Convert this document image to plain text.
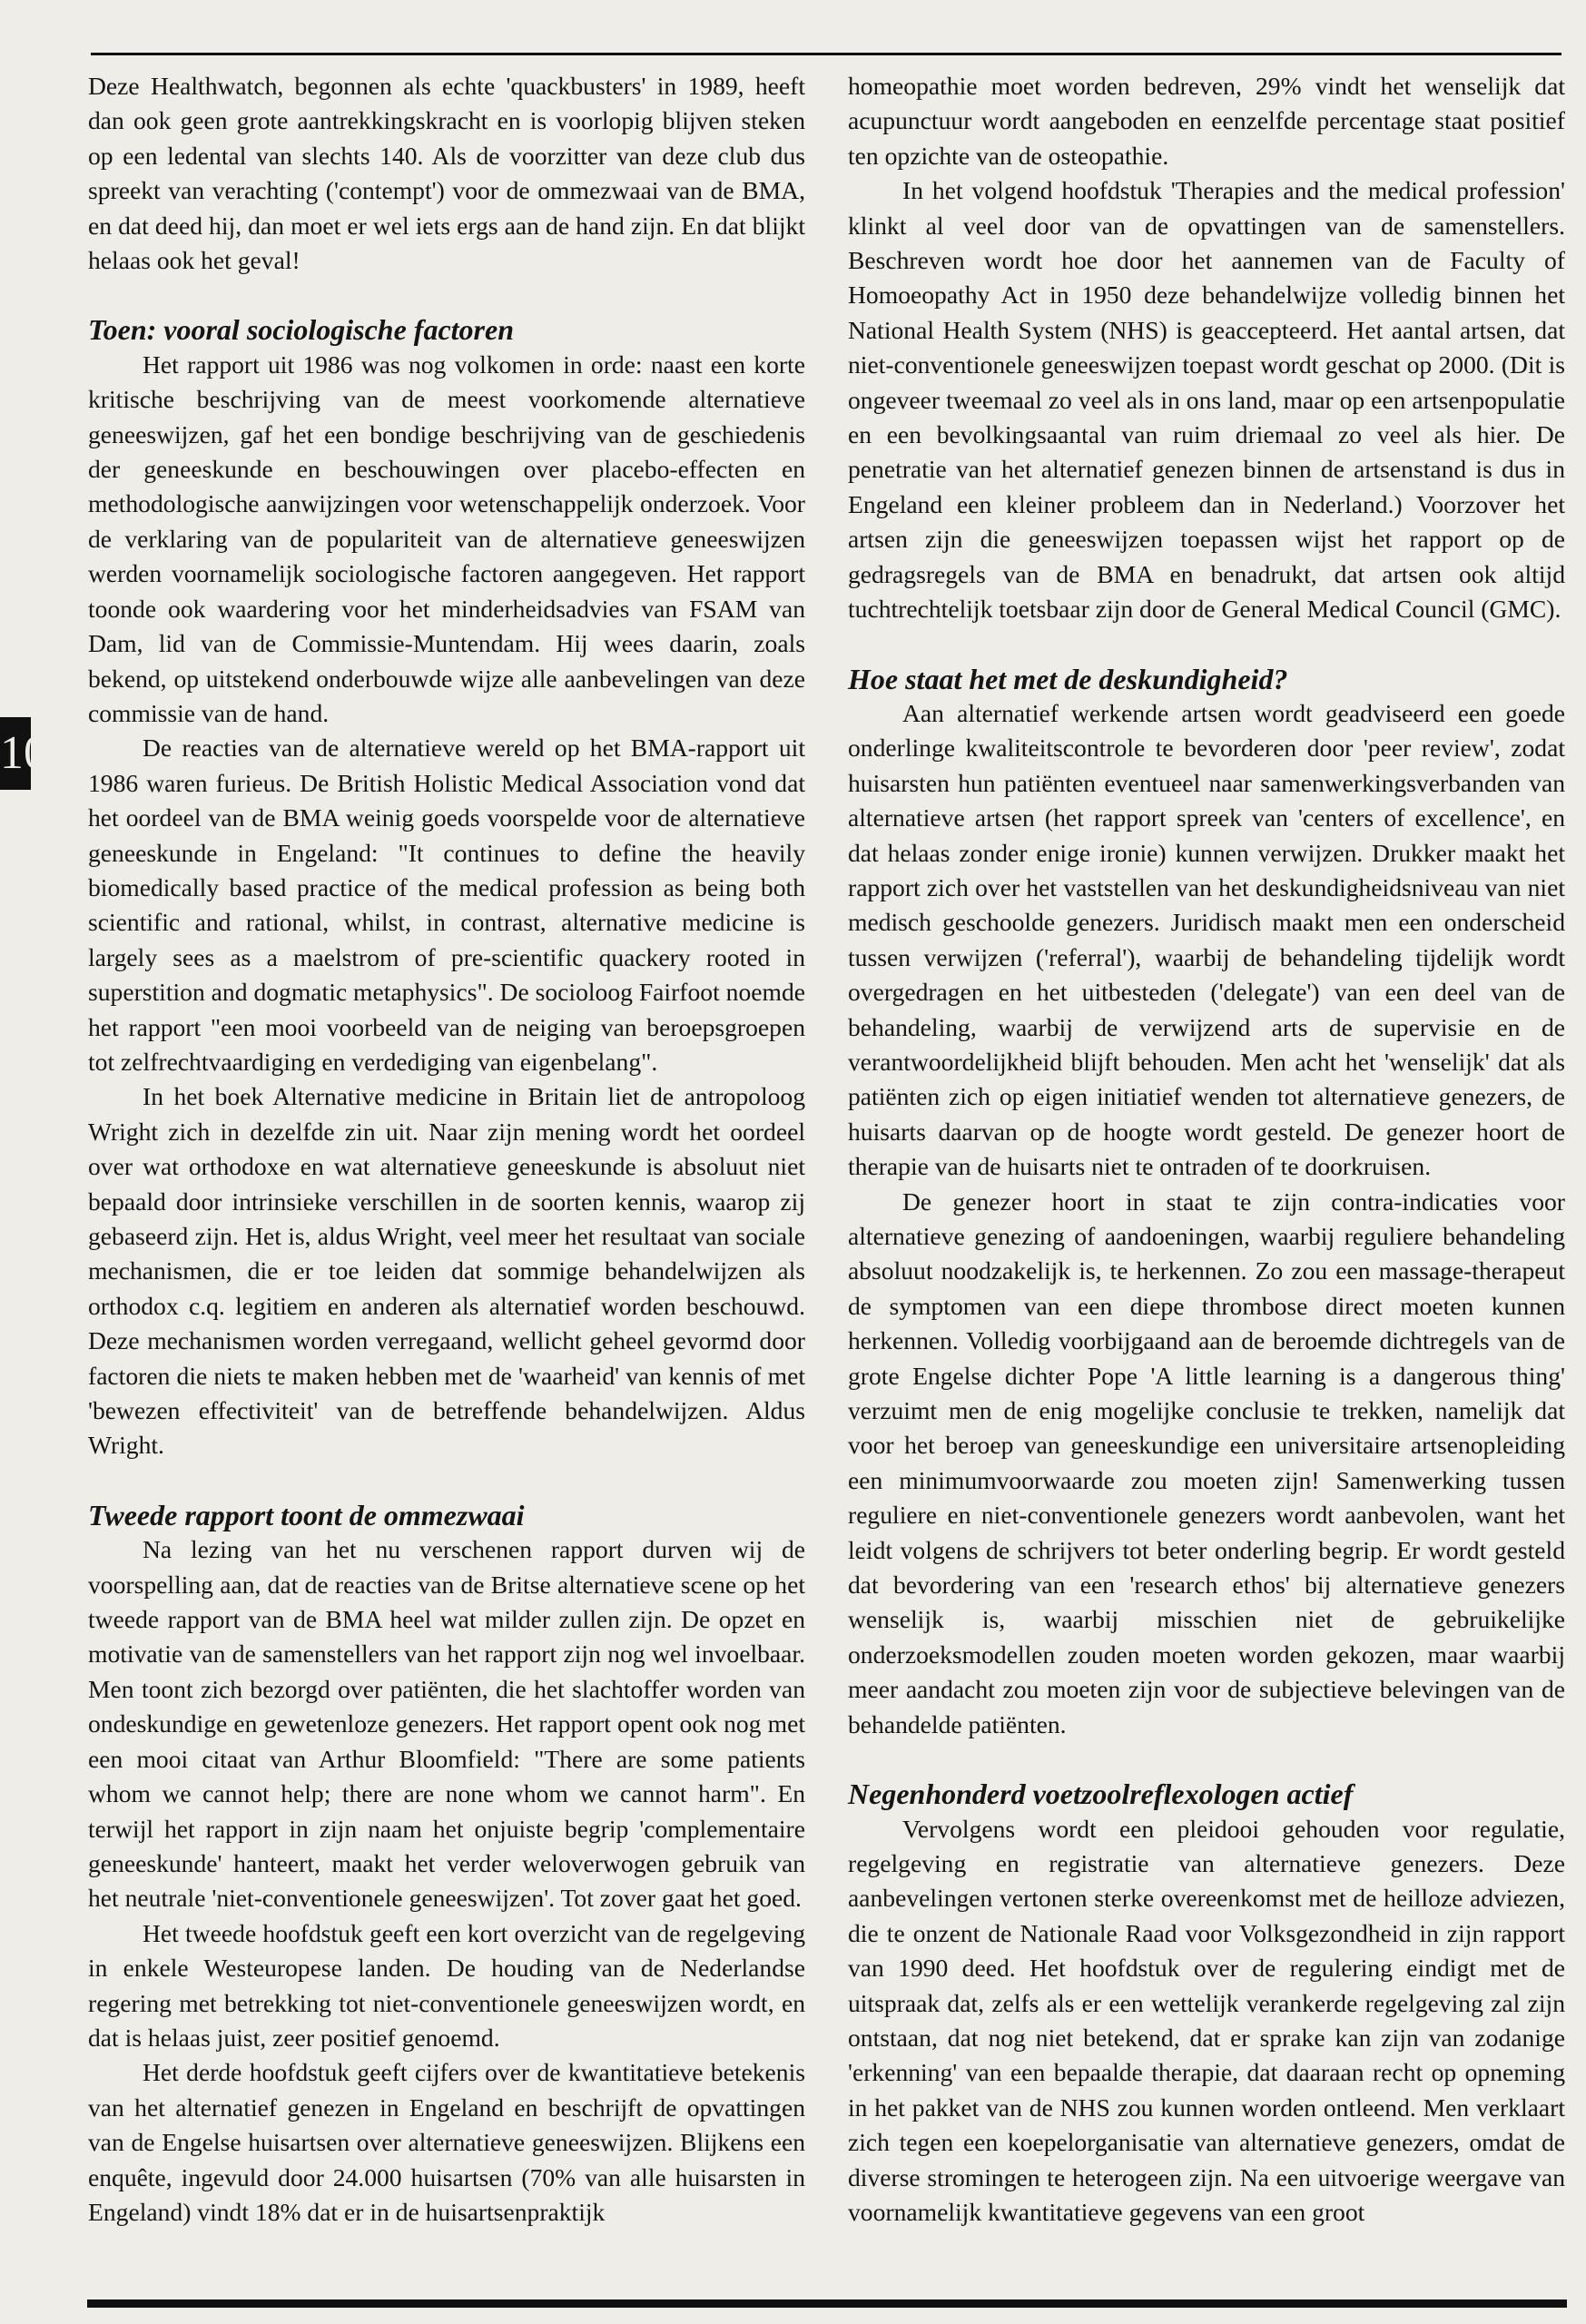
10

Deze Healthwatch, begonnen als echte 'quackbusters' in 1989, heeft dan ook geen grote aantrekkingskracht en is voorlopig blijven steken op een ledental van slechts 140. Als de voorzitter van deze club dus spreekt van verachting ('contempt') voor de ommezwaai van de BMA, en dat deed hij, dan moet er wel iets ergs aan de hand zijn. En dat blijkt helaas ook het geval!

Toen: vooral sociologische factoren

Het rapport uit 1986 was nog volkomen in orde: naast een korte kritische beschrijving van de meest voorkomende alternatieve geneeswijzen, gaf het een bondige beschrijving van de geschiedenis der geneeskunde en beschouwingen over placebo-effecten en methodologische aanwijzingen voor wetenschappelijk onderzoek. Voor de verklaring van de populariteit van de alternatieve geneeswijzen werden voornamelijk sociologische factoren aangegeven. Het rapport toonde ook waardering voor het minderheidsadvies van FSAM van Dam, lid van de Commissie-Muntendam. Hij wees daarin, zoals bekend, op uitstekend onderbouwde wijze alle aanbevelingen van deze commissie van de hand.

De reacties van de alternatieve wereld op het BMA-rapport uit 1986 waren furieus. De British Holistic Medical Association vond dat het oordeel van de BMA weinig goeds voorspelde voor de alternatieve geneeskunde in Engeland: "It continues to define the heavily biomedically based practice of the medical profession as being both scientific and rational, whilst, in contrast, alternative medicine is largely sees as a maelstrom of pre-scientific quackery rooted in superstition and dogmatic metaphysics". De socioloog Fairfoot noemde het rapport "een mooi voorbeeld van de neiging van beroepsgroepen tot zelfrechtvaardiging en verdediging van eigenbelang".

In het boek Alternative medicine in Britain liet de antropoloog Wright zich in dezelfde zin uit. Naar zijn mening wordt het oordeel over wat orthodoxe en wat alternatieve geneeskunde is absoluut niet bepaald door intrinsieke verschillen in de soorten kennis, waarop zij gebaseerd zijn. Het is, aldus Wright, veel meer het resultaat van sociale mechanismen, die er toe leiden dat sommige behandelwijzen als orthodox c.q. legitiem en anderen als alternatief worden beschouwd. Deze mechanismen worden verregaand, wellicht geheel gevormd door factoren die niets te maken hebben met de 'waarheid' van kennis of met 'bewezen effectiviteit' van de betreffende behandelwijzen. Aldus Wright.

Tweede rapport toont de ommezwaai

Na lezing van het nu verschenen rapport durven wij de voorspelling aan, dat de reacties van de Britse alternatieve scene op het tweede rapport van de BMA heel wat milder zullen zijn. De opzet en motivatie van de samenstellers van het rapport zijn nog wel invoelbaar. Men toont zich bezorgd over patiënten, die het slachtoffer worden van ondeskundige en gewetenloze genezers. Het rapport opent ook nog met een mooi citaat van Arthur Bloomfield: "There are some patients whom we cannot help; there are none whom we cannot harm". En terwijl het rapport in zijn naam het onjuiste begrip 'complementaire geneeskunde' hanteert, maakt het verder weloverwogen gebruik van het neutrale 'niet-conventionele geneeswijzen'. Tot zover gaat het goed.

Het tweede hoofdstuk geeft een kort overzicht van de regelgeving in enkele Westeuropese landen. De houding van de Nederlandse regering met betrekking tot niet-conventionele geneeswijzen wordt, en dat is helaas juist, zeer positief genoemd.

Het derde hoofdstuk geeft cijfers over de kwantitatieve betekenis van het alternatief genezen in Engeland en beschrijft de opvattingen van de Engelse huisartsen over alternatieve geneeswijzen. Blijkens een enquête, ingevuld door 24.000 huisartsen (70% van alle huisarsten in Engeland) vindt 18% dat er in de huisartsenpraktijk

homeopathie moet worden bedreven, 29% vindt het wenselijk dat acupunctuur wordt aangeboden en eenzelfde percentage staat positief ten opzichte van de osteopathie.

In het volgend hoofdstuk 'Therapies and the medical profession' klinkt al veel door van de opvattingen van de samenstellers. Beschreven wordt hoe door het aannemen van de Faculty of Homoeopathy Act in 1950 deze behandelwijze volledig binnen het National Health System (NHS) is geaccepteerd. Het aantal artsen, dat niet-conventionele geneeswijzen toepast wordt geschat op 2000. (Dit is ongeveer tweemaal zo veel als in ons land, maar op een artsenpopulatie en een bevolkingsaantal van ruim driemaal zo veel als hier. De penetratie van het alternatief genezen binnen de artsenstand is dus in Engeland een kleiner probleem dan in Nederland.) Voorzover het artsen zijn die geneeswijzen toepassen wijst het rapport op de gedragsregels van de BMA en benadrukt, dat artsen ook altijd tuchtrechtelijk toetsbaar zijn door de General Medical Council (GMC).

Hoe staat het met de deskundigheid?

Aan alternatief werkende artsen wordt geadviseerd een goede onderlinge kwaliteitscontrole te bevorderen door 'peer review', zodat huisarsten hun patiënten eventueel naar samenwerkingsverbanden van alternatieve artsen (het rapport spreek van 'centers of excellence', en dat helaas zonder enige ironie) kunnen verwijzen. Drukker maakt het rapport zich over het vaststellen van het deskundigheidsniveau van niet medisch geschoolde genezers. Juridisch maakt men een onderscheid tussen verwijzen ('referral'), waarbij de behandeling tijdelijk wordt overgedragen en het uitbesteden ('delegate') van een deel van de behandeling, waarbij de verwijzend arts de supervisie en de verantwoordelijkheid blijft behouden. Men acht het 'wenselijk' dat als patiënten zich op eigen initiatief wenden tot alternatieve genezers, de huisarts daarvan op de hoogte wordt gesteld. De genezer hoort de therapie van de huisarts niet te ontraden of te doorkruisen.

De genezer hoort in staat te zijn contra-indicaties voor alternatieve genezing of aandoeningen, waarbij reguliere behandeling absoluut noodzakelijk is, te herkennen. Zo zou een massage-therapeut de symptomen van een diepe thrombose direct moeten kunnen herkennen. Volledig voorbijgaand aan de beroemde dichtregels van de grote Engelse dichter Pope 'A little learning is a dangerous thing' verzuimt men de enig mogelijke conclusie te trekken, namelijk dat voor het beroep van geneeskundige een universitaire artsenopleiding een minimumvoorwaarde zou moeten zijn! Samenwerking tussen reguliere en niet-conventionele genezers wordt aanbevolen, want het leidt volgens de schrijvers tot beter onderling begrip. Er wordt gesteld dat bevordering van een 'research ethos' bij alternatieve genezers wenselijk is, waarbij misschien niet de gebruikelijke onderzoeksmodellen zouden moeten worden gekozen, maar waarbij meer aandacht zou moeten zijn voor de subjectieve belevingen van de behandelde patiënten.

Negenhonderd voetzoolreflexologen actief

Vervolgens wordt een pleidooi gehouden voor regulatie, regelgeving en registratie van alternatieve genezers. Deze aanbevelingen vertonen sterke overeenkomst met de heilloze adviezen, die te onzent de Nationale Raad voor Volksgezondheid in zijn rapport van 1990 deed. Het hoofdstuk over de regulering eindigt met de uitspraak dat, zelfs als er een wettelijk verankerde regelgeving zal zijn ontstaan, dat nog niet betekend, dat er sprake kan zijn van zodanige 'erkenning' van een bepaalde therapie, dat daaraan recht op opneming in het pakket van de NHS zou kunnen worden ontleend. Men verklaart zich tegen een koepelorganisatie van alternatieve genezers, omdat de diverse stromingen te heterogeen zijn. Na een uitvoerige weergave van voornamelijk kwantitatieve gegevens van een groot
